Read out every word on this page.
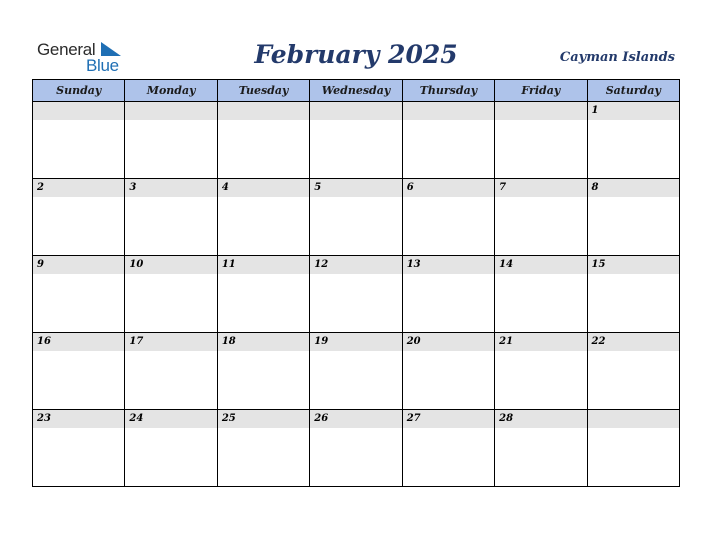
General
Blue	February 2025	Cayman Islands
Sunday	Monday	Tuesday	Wednesday	Thursday	Friday	Saturday

						1

2	3	4	5	6	7	8

9	10	11	12	13	14	15

16	17	18	19	20	21	22

23	24	25	26	27	28	
